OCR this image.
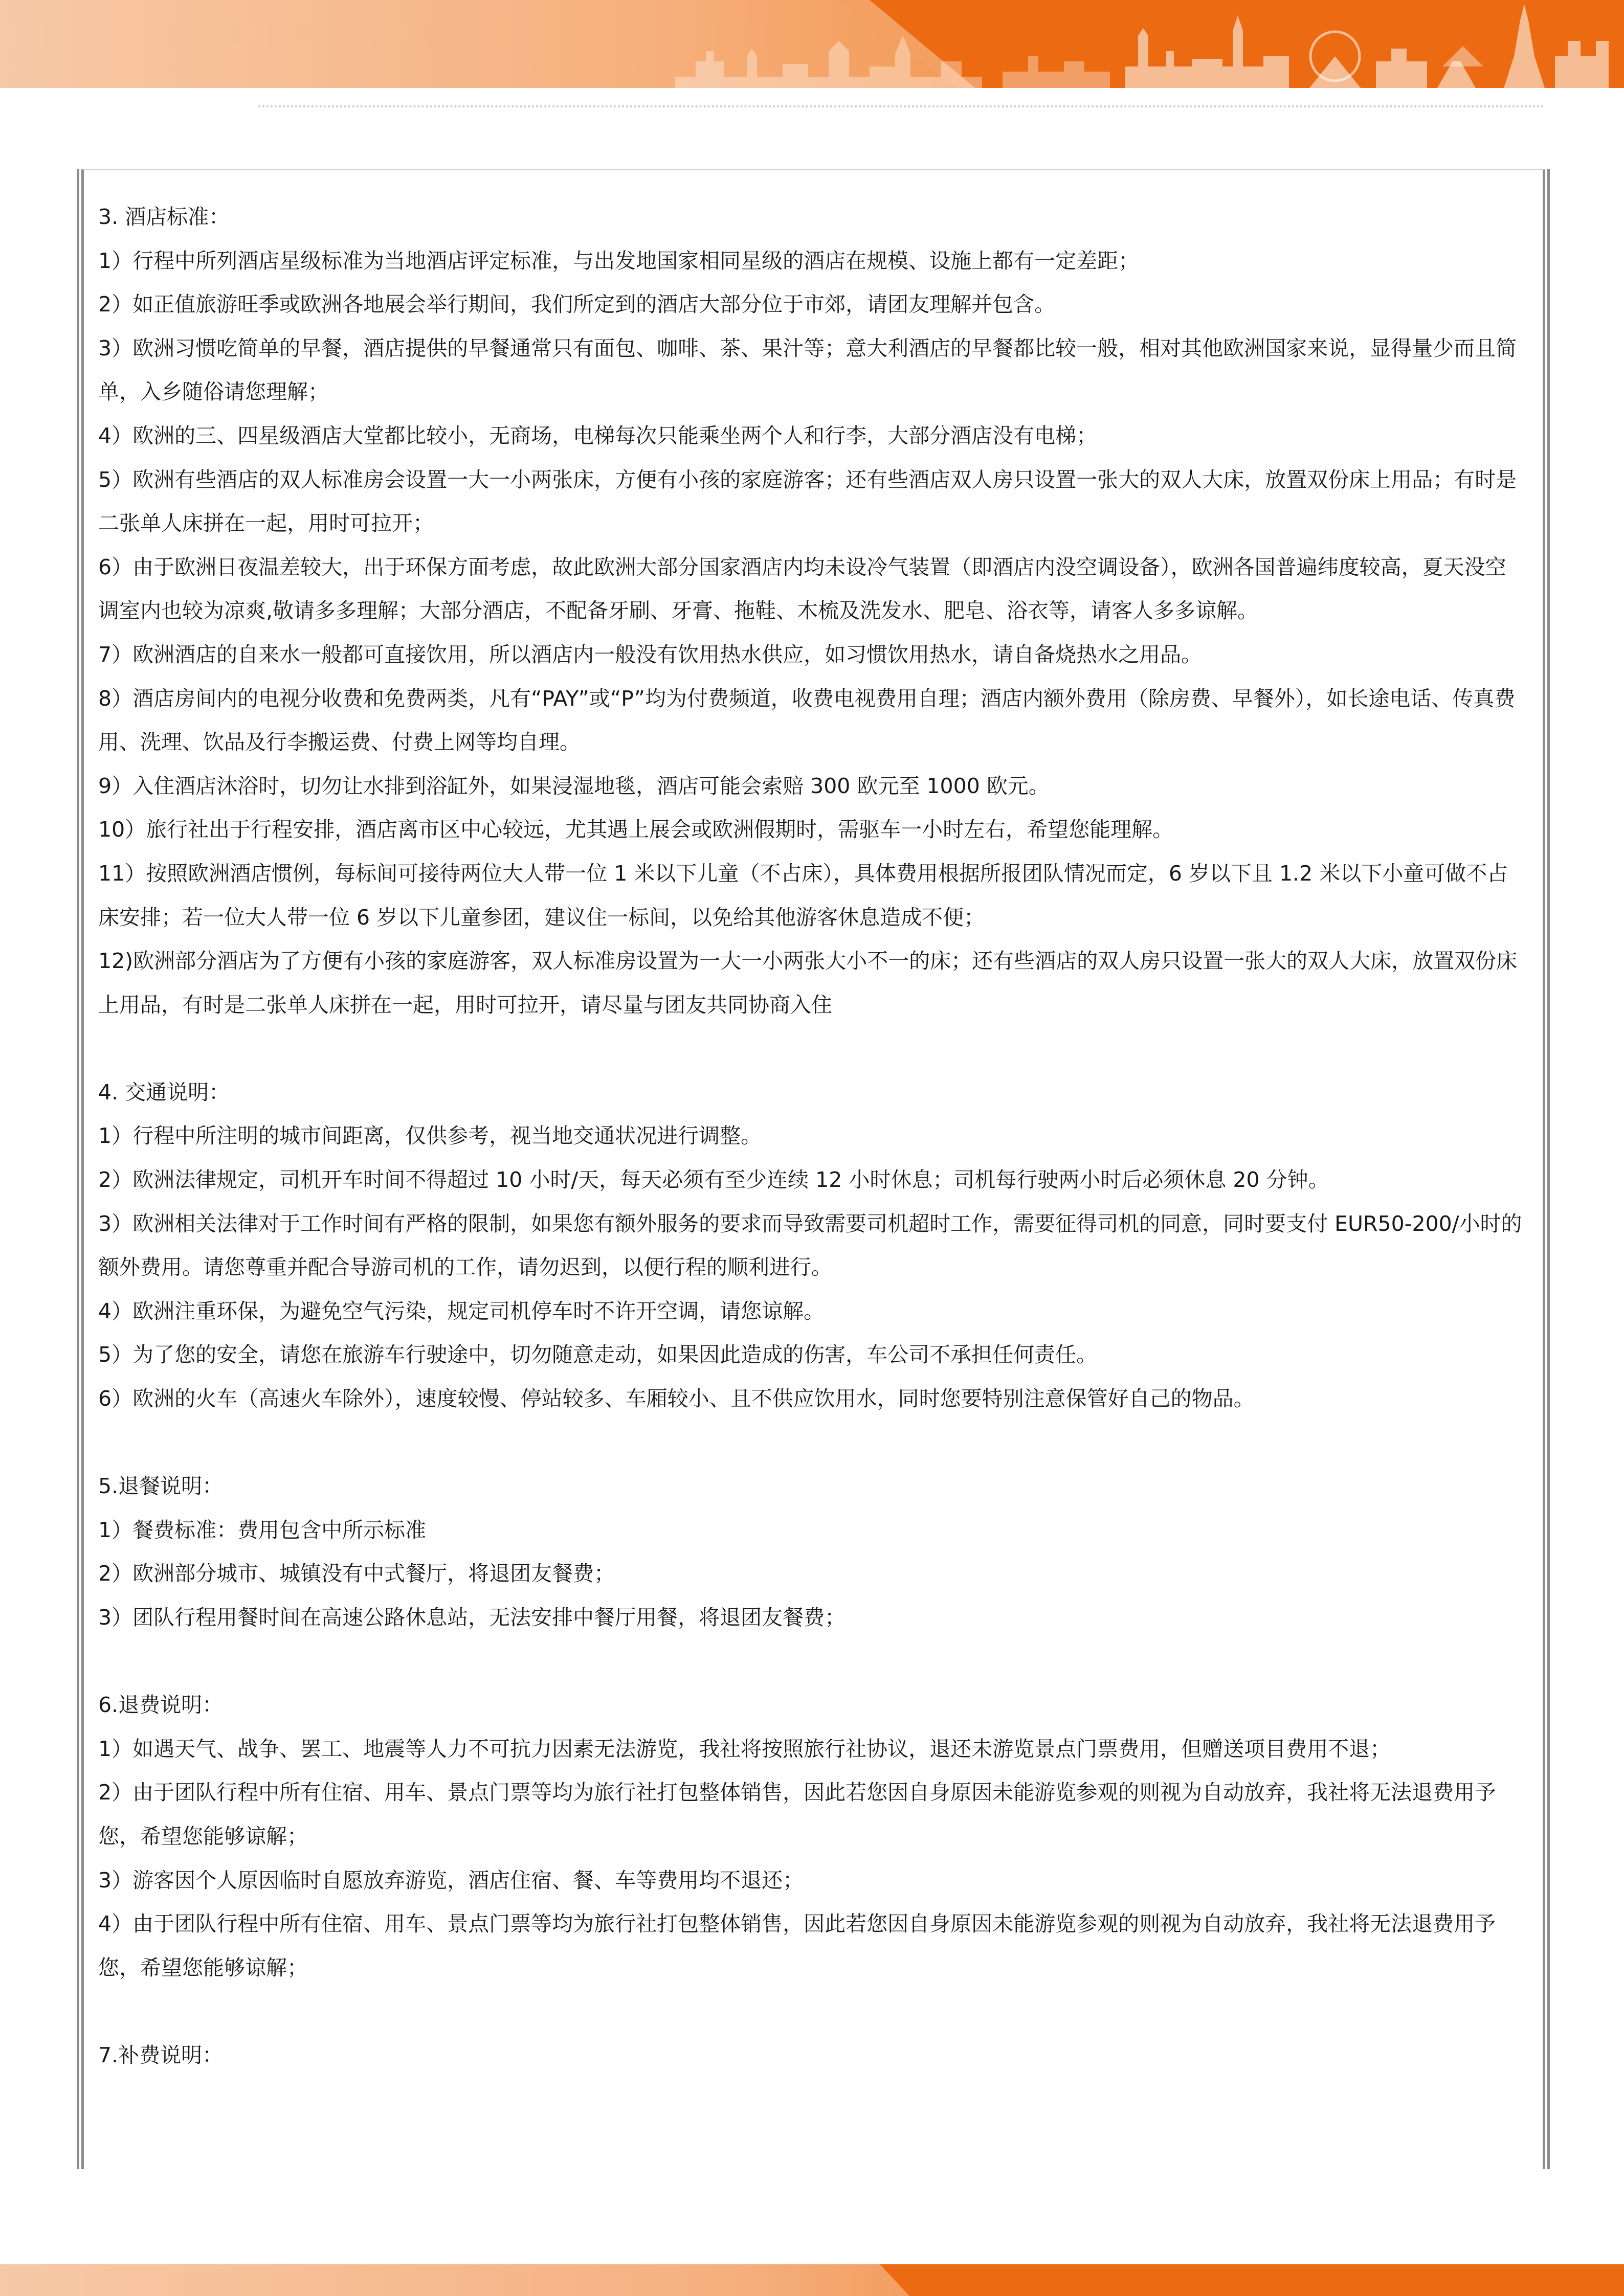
3. 酒店标准：

1）行程中所列酒店星级标准为当地酒店评定标准，与出发地国家相同星级的酒店在规模、设施上都有一定差距；

2）如正值旅游旺季或欧洲各地展会举行期间，我们所定到的酒店大部分位于市郊，请团友理解并包含。

3）欧洲习惯吃简单的早餐，酒店提供的早餐通常只有面包、咖啡、茶、果汁等；意大利酒店的早餐都比较一般，相对其他欧洲国家来说，显得量少而且简单，入乡随俗请您理解；

4）欧洲的三、四星级酒店大堂都比较小，无商场，电梯每次只能乘坐两个人和行李，大部分酒店没有电梯；

5）欧洲有些酒店的双人标准房会设置一大一小两张床，方便有小孩的家庭游客；还有些酒店双人房只设置一张大的双人大床，放置双份床上用品；有时是二张单人床拼在一起，用时可拉开；

6）由于欧洲日夜温差较大，出于环保方面考虑，故此欧洲大部分国家酒店内均未设冷气装置（即酒店内没空调设备），欧洲各国普遍纬度较高，夏天没空调室内也较为凉爽,敬请多多理解；大部分酒店，不配备牙刷、牙膏、拖鞋、木梳及洗发水、肥皂、浴衣等，请客人多多谅解。

7）欧洲酒店的自来水一般都可直接饮用，所以酒店内一般没有饮用热水供应，如习惯饮用热水，请自备烧热水之用品。

8）酒店房间内的电视分收费和免费两类，凡有“PAY”或“P”均为付费频道，收费电视费用自理；酒店内额外费用（除房费、早餐外），如长途电话、传真费用、洗理、饮品及行李搬运费、付费上网等均自理。

9）入住酒店沐浴时，切勿让水排到浴缸外，如果浸湿地毯，酒店可能会索赔 300 欧元至 1000 欧元。

10）旅行社出于行程安排，酒店离市区中心较远，尤其遇上展会或欧洲假期时，需驱车一小时左右，希望您能理解。

11）按照欧洲酒店惯例，每标间可接待两位大人带一位 1 米以下儿童（不占床），具体费用根据所报团队情况而定，6 岁以下且 1.2 米以下小童可做不占床安排；若一位大人带一位 6 岁以下儿童参团，建议住一标间，以免给其他游客休息造成不便；

12)欧洲部分酒店为了方便有小孩的家庭游客，双人标准房设置为一大一小两张大小不一的床；还有些酒店的双人房只设置一张大的双人大床，放置双份床上用品，有时是二张单人床拼在一起，用时可拉开，请尽量与团友共同协商入住

4. 交通说明：

1）行程中所注明的城市间距离，仅供参考，视当地交通状况进行调整。

2）欧洲法律规定，司机开车时间不得超过 10 小时/天，每天必须有至少连续 12 小时休息；司机每行驶两小时后必须休息 20 分钟。

3）欧洲相关法律对于工作时间有严格的限制，如果您有额外服务的要求而导致需要司机超时工作，需要征得司机的同意，同时要支付 EUR50-200/小时的额外费用。请您尊重并配合导游司机的工作，请勿迟到，以便行程的顺利进行。

4）欧洲注重环保，为避免空气污染，规定司机停车时不许开空调，请您谅解。

5）为了您的安全，请您在旅游车行驶途中，切勿随意走动，如果因此造成的伤害，车公司不承担任何责任。

6）欧洲的火车（高速火车除外），速度较慢、停站较多、车厢较小、且不供应饮用水，同时您要特别注意保管好自己的物品。

5.退餐说明：

1）餐费标准：费用包含中所示标准

2）欧洲部分城市、城镇没有中式餐厅，将退团友餐费；

3）团队行程用餐时间在高速公路休息站，无法安排中餐厅用餐，将退团友餐费；

6.退费说明：

1）如遇天气、战争、罢工、地震等人力不可抗力因素无法游览，我社将按照旅行社协议，退还未游览景点门票费用，但赠送项目费用不退；

2）由于团队行程中所有住宿、用车、景点门票等均为旅行社打包整体销售，因此若您因自身原因未能游览参观的则视为自动放弃，我社将无法退费用予您，希望您能够谅解；

3）游客因个人原因临时自愿放弃游览，酒店住宿、餐、车等费用均不退还；

4）由于团队行程中所有住宿、用车、景点门票等均为旅行社打包整体销售，因此若您因自身原因未能游览参观的则视为自动放弃，我社将无法退费用予您，希望您能够谅解；

7.补费说明：
